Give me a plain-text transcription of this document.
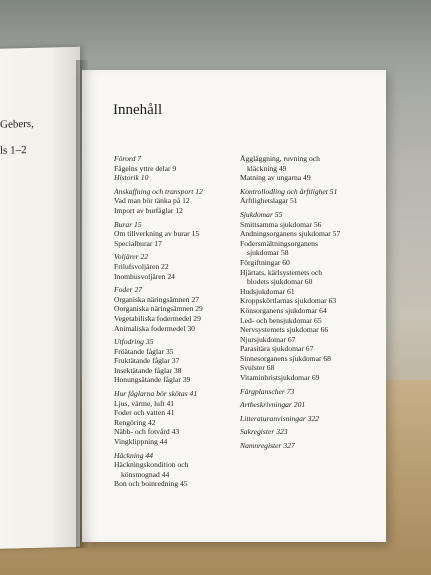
Gebers,
ls 1–2
Innehåll
Förord 7
Fågelns yttre delar 9
Historik 10
Anskaffning och transport 12
Vad man bör tänka på 12
Import av burfåglar 12
Burar 15
Om tillverkning av burar 15
Specialburar 17
Voljärer 22
Frilufsvoljären 22
Inomhusvoljären 24
Foder 27
Organiska näringsämnen 27
Oorganiska näringsämnen 29
Vegetabiliska fodermedel 29
Animaliska fodermedel 30
Utfodring 35
Fröätande fåglar 35
Fruktätande fåglar 37
Insektätande fåglar 38
Honungsätande fåglar 39
Hur fåglarna bör skötas 41
Ljus, värme, luft 41
Foder och vatten 41
Rengöring 42
Näbb- och fotvård 43
Vingklippning 44
Häckning 44
Häckningskondition och
könsmognad 44
Bon och boinredning 45
Äggläggning, ruvning och
kläckning 49
Matning av ungarna 49
Kontrollodling och ärftlighet 51
Ärftlighetslagar 51
Sjukdomar 55
Smittsamma sjukdomar 56
Andningsorganens sjukdomar 57
Fodersmältningsorganens
sjukdomar 58
Förgiftningar 60
Hjärtats, kärlsystemets och
blodets sjukdomar 60
Hudsjukdomar 61
Kroppskörtlarnas sjukdomar 63
Könsorganens sjukdomar 64
Led- och bensjukdomar 65
Nervsystemets sjukdomar 66
Njursjukdomar 67
Parasitära sjukdomar 67
Sinnesorganens sjukdomar 68
Svulster 68
Vitaminbristsjukdomar 69
Färgplanscher 73
Artbeskrivningar 201
Litteraturanvisningar 322
Sakregister 323
Namnregister 327
